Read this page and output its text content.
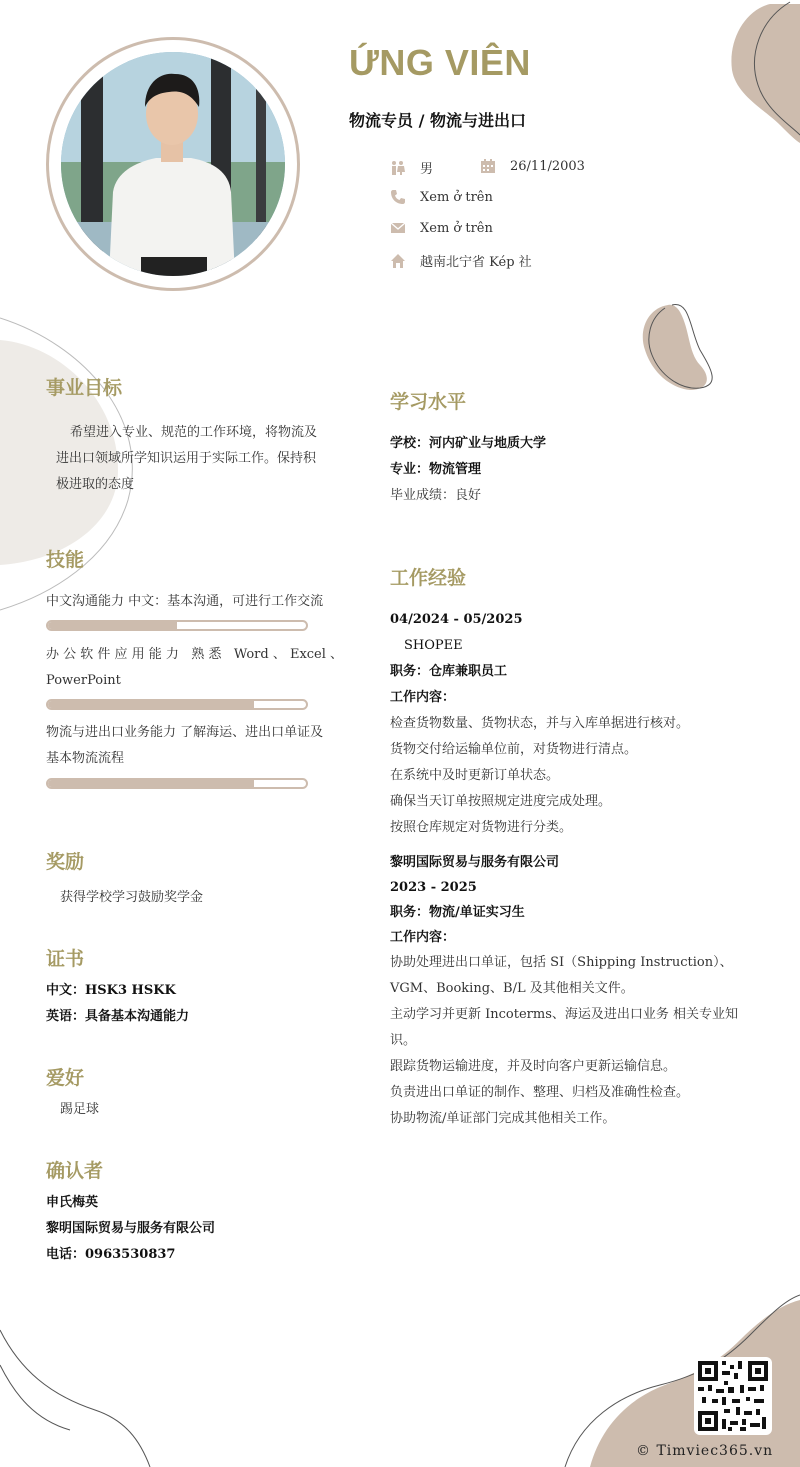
ỨNG VIÊN
物流专员 / 物流与进出口
男	26/11/2003
Xem ở trên
Xem ở trên
越南北宁省 Kép 社
事业目标
希望进入专业、规范的工作环境，将物流及
进出口领域所学知识运用于实际工作。保持积
极进取的态度
技能
中文沟通能力 中文：基本沟通，可进行工作交流
办 公 软 件 应 用 能 力   熟 悉   Word 、 Excel 、
PowerPoint
物流与进出口业务能力 了解海运、进出口单证及
基本物流流程
奖励
获得学校学习鼓励奖学金
证书
中文：HSK3 HSKK
英语：具备基本沟通能力
爱好
踢足球
确认者
申氏梅英
黎明国际贸易与服务有限公司
电话：0963530837
学习水平
学校：河内矿业与地质大学
专业：物流管理
毕业成绩：良好
工作经验
04/2024 - 05/2025
SHOPEE
职务：仓库兼职员工
工作内容：
检查货物数量、货物状态，并与入库单据进行核对。
货物交付给运输单位前，对货物进行清点。
在系统中及时更新订单状态。
确保当天订单按照规定进度完成处理。
按照仓库规定对货物进行分类。
黎明国际贸易与服务有限公司
2023 - 2025
职务：物流/单证实习生
工作内容：
协助处理进出口单证，包括 SI（Shipping Instruction）、
VGM、Booking、B/L 及其他相关文件。
主动学习并更新 Incoterms、海运及进出口业务 相关专业知
识。
跟踪货物运输进度，并及时向客户更新运输信息。
负责进出口单证的制作、整理、归档及准确性检查。
协助物流/单证部门完成其他相关工作。
© Timviec365.vn
